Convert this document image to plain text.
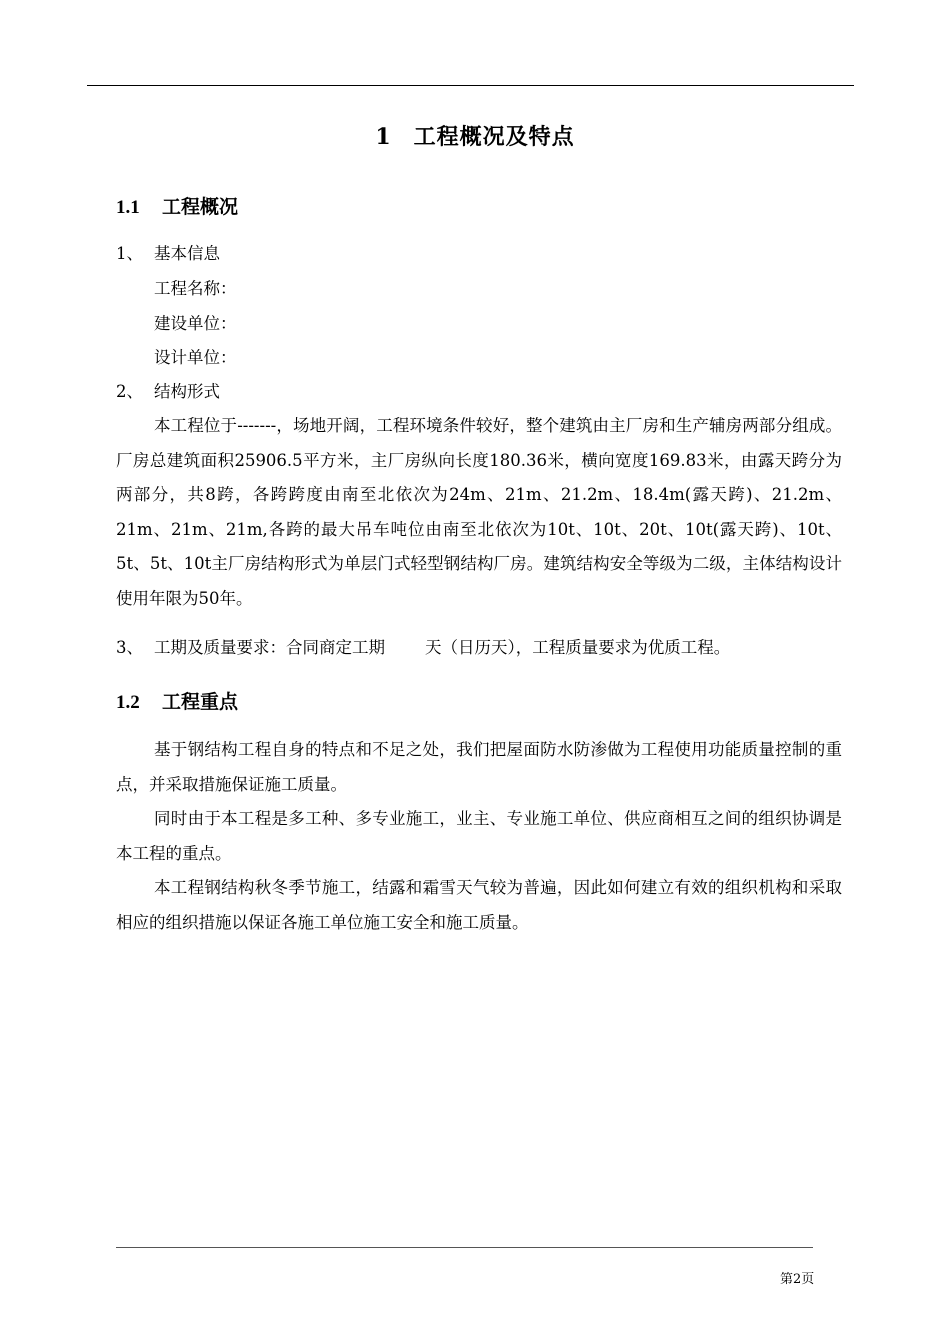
1 工程概况及特点
1.1 工程概况
1、 基本信息
工程名称：
建设单位：
设计单位：
2、 结构形式

本工程位于-------，场地开阔，工程环境条件较好，整个建筑由主厂房和生产辅房两部分组成。厂房总建筑面积25906.5平方米，主厂房纵向长度180.36米，横向宽度169.83米，由露天跨分为两部分，共8跨，各跨跨度由南至北依次为24m、21m、21.2m、18.4m(露天跨)、21.2m、21m、21m、21m,各跨的最大吊车吨位由南至北依次为10t、10t、20t、10t(露天跨)、10t、5t、5t、10t主厂房结构形式为单层门式轻型钢结构厂房。建筑结构安全等级为二级，主体结构设计使用年限为50年。

3、 工期及质量要求：合同商定工期 天（日历天），工程质量要求为优质工程。
1.2 工程重点

基于钢结构工程自身的特点和不足之处，我们把屋面防水防渗做为工程使用功能质量控制的重点，并采取措施保证施工质量。

同时由于本工程是多工种、多专业施工，业主、专业施工单位、供应商相互之间的组织协调是本工程的重点。

本工程钢结构秋冬季节施工，结露和霜雪天气较为普遍，因此如何建立有效的组织机构和采取相应的组织措施以保证各施工单位施工安全和施工质量。

第2页
